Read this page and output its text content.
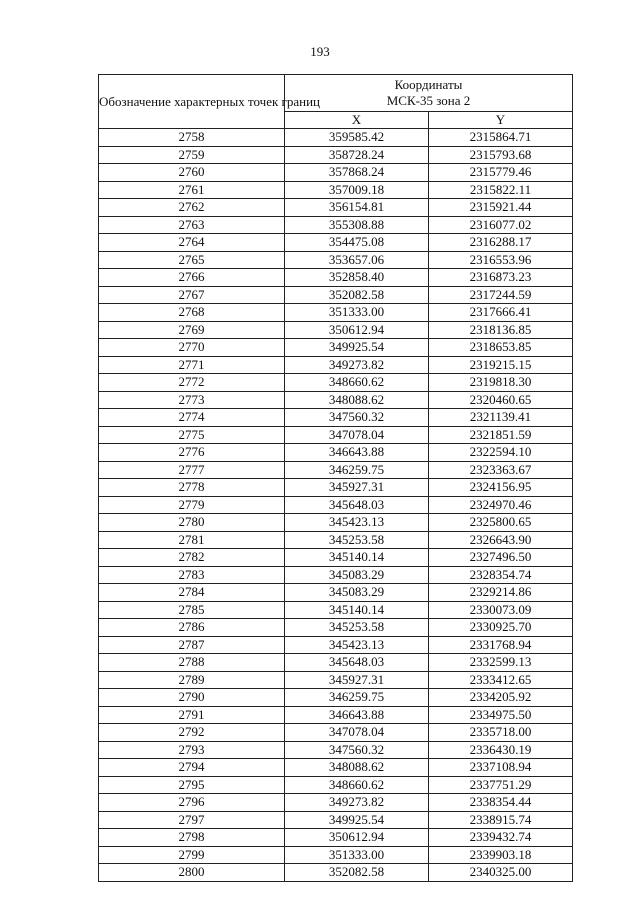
193
Обозначение характерных точек границ	Координаты
МСК-35 зона 2	

	X	Y
2758	359585.42	2315864.71
2759	358728.24	2315793.68
2760	357868.24	2315779.46
2761	357009.18	2315822.11
2762	356154.81	2315921.44
2763	355308.88	2316077.02
2764	354475.08	2316288.17
2765	353657.06	2316553.96
2766	352858.40	2316873.23
2767	352082.58	2317244.59
2768	351333.00	2317666.41
2769	350612.94	2318136.85
2770	349925.54	2318653.85
2771	349273.82	2319215.15
2772	348660.62	2319818.30
2773	348088.62	2320460.65
2774	347560.32	2321139.41
2775	347078.04	2321851.59
2776	346643.88	2322594.10
2777	346259.75	2323363.67
2778	345927.31	2324156.95
2779	345648.03	2324970.46
2780	345423.13	2325800.65
2781	345253.58	2326643.90
2782	345140.14	2327496.50
2783	345083.29	2328354.74
2784	345083.29	2329214.86
2785	345140.14	2330073.09
2786	345253.58	2330925.70
2787	345423.13	2331768.94
2788	345648.03	2332599.13
2789	345927.31	2333412.65
2790	346259.75	2334205.92
2791	346643.88	2334975.50
2792	347078.04	2335718.00
2793	347560.32	2336430.19
2794	348088.62	2337108.94
2795	348660.62	2337751.29
2796	349273.82	2338354.44
2797	349925.54	2338915.74
2798	350612.94	2339432.74
2799	351333.00	2339903.18
2800	352082.58	2340325.00
